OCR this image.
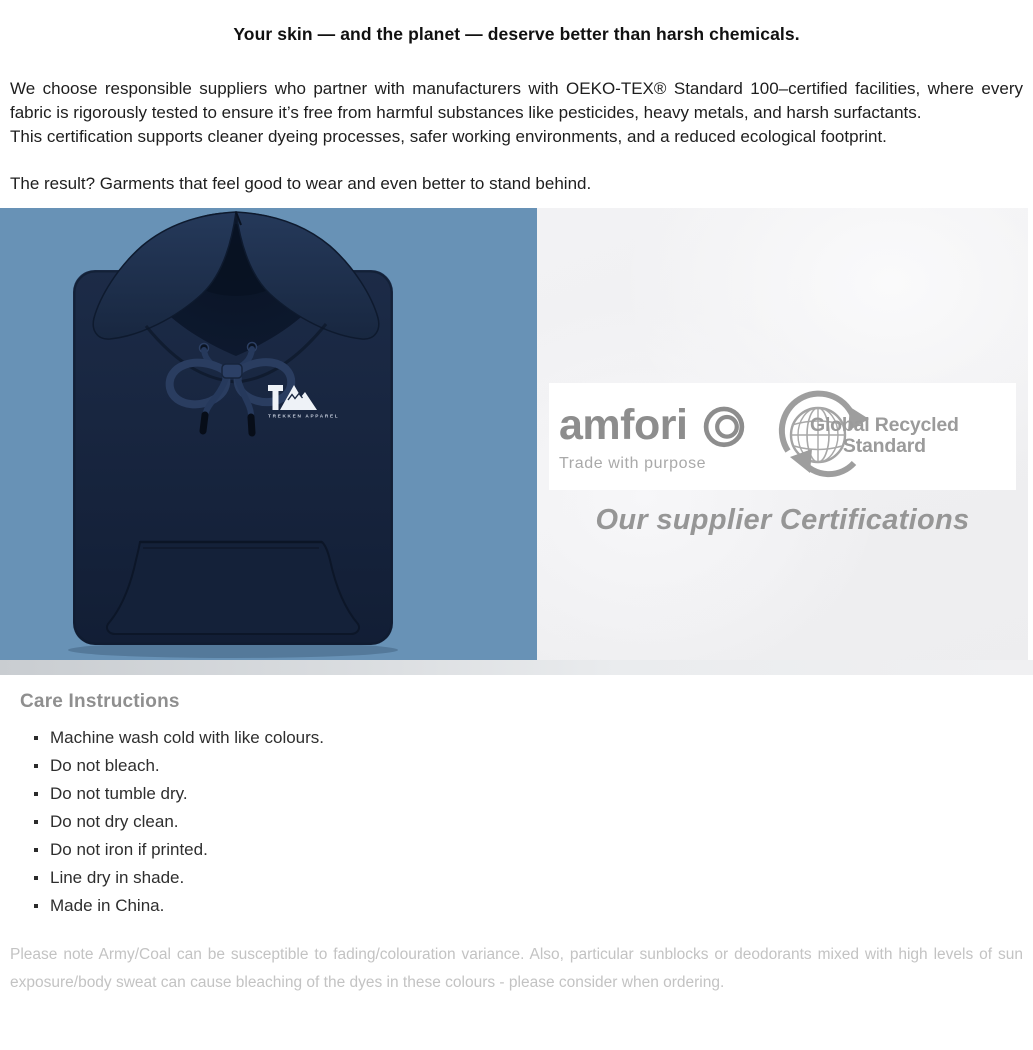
Your skin — and the planet — deserve better than harsh chemicals.

We choose responsible suppliers who partner with manufacturers with OEKO-TEX® Standard 100–certified facilities, where every fabric is rigorously tested to ensure it’s free from harmful substances like pesticides, heavy metals, and harsh surfactants.

This certification supports cleaner dyeing processes, safer working environments, and a reduced ecological footprint.

The result? Garments that feel good to wear and even better to stand behind.

TREKKEN APPAREL	amfori
Trade with purpose
Global Recycled
Standard
Our supplier Certifications
Care Instructions
Machine wash cold with like colours.
Do not bleach.
Do not tumble dry.
Do not dry clean.
Do not iron if printed.
Line dry in shade.
Made in China.

Please note Army/Coal can be susceptible to fading/colouration variance. Also, particular sunblocks or deodorants mixed with high levels of sun exposure/body sweat can cause bleaching of the dyes in these colours - please consider when ordering.
